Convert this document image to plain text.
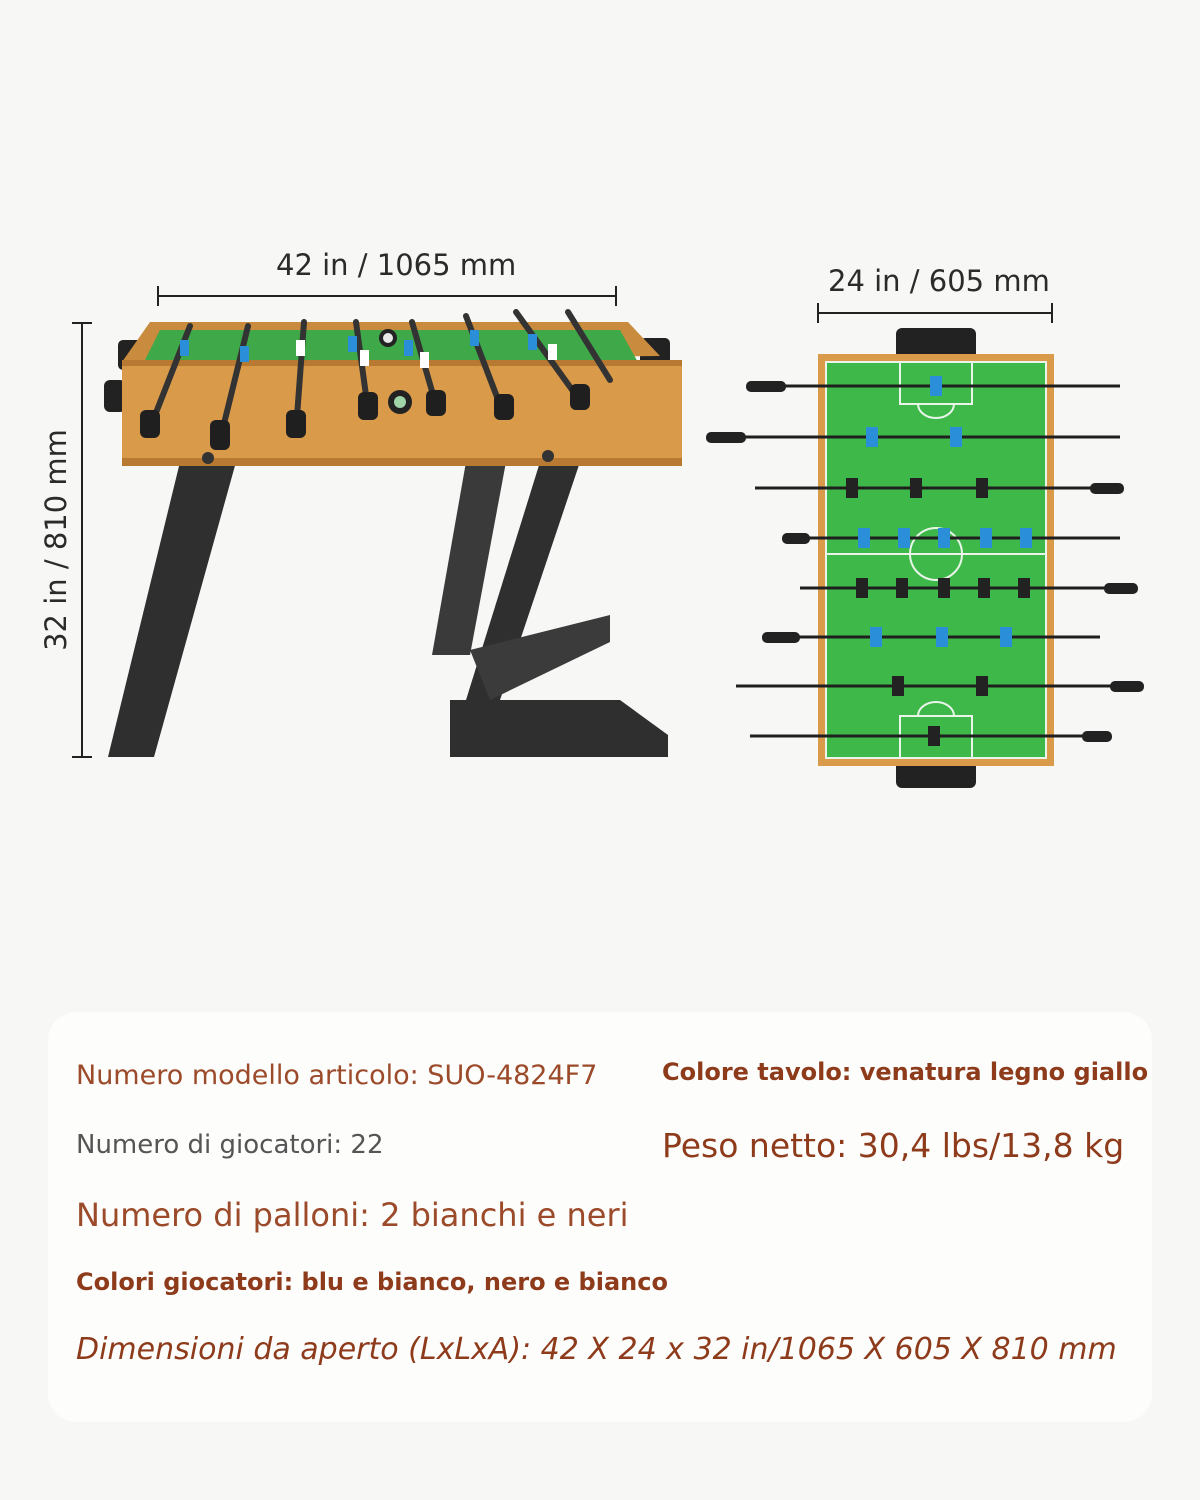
42 in / 1065 mm	24 in / 605 mm
32 in / 810 mm
Numero modello articolo: SUO-4824F7	Colore tavolo: venatura legno giallo
Numero di giocatori: 22	Peso netto: 30,4 lbs/13,8 kg
Numero di palloni: 2 bianchi e neri
Colori giocatori: blu e bianco, nero e bianco
Dimensioni da aperto (LxLxA): 42 X 24 x 32 in/1065 X 605 X 810 mm
